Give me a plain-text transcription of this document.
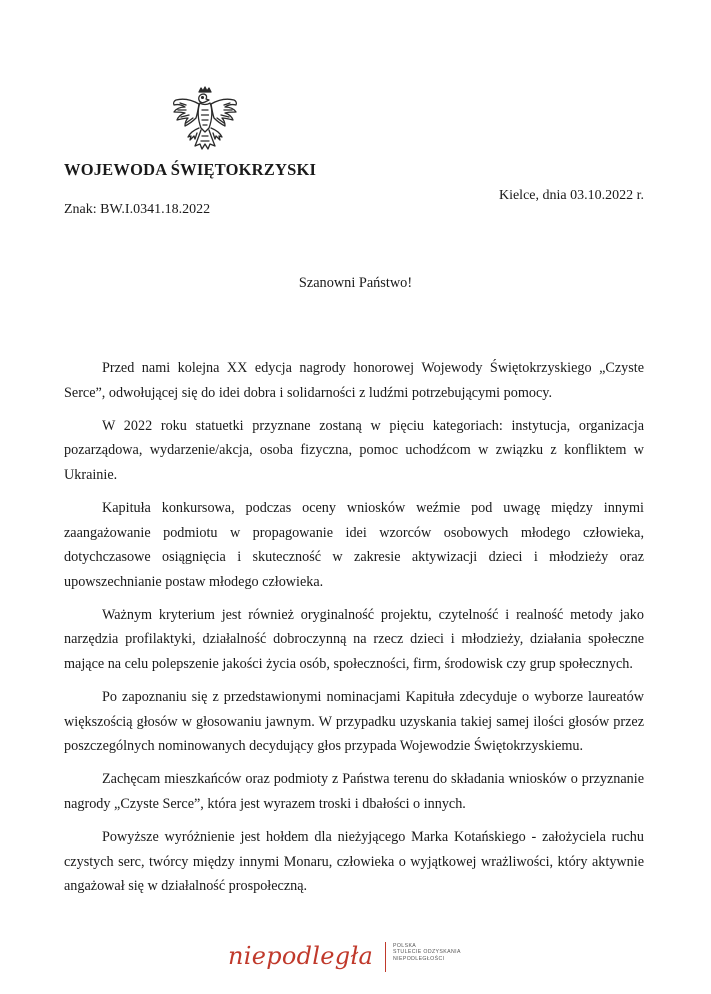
WOJEWODA ŚWIĘTOKRZYSKI
Kielce, dnia 03.10.2022 r.
Znak: BW.I.0341.18.2022
Szanowni Państwo!

Przed nami kolejna XX edycja nagrody honorowej Wojewody Świętokrzyskiego „Czyste Serce”, odwołującej się do idei dobra i solidarności z ludźmi potrzebującymi pomocy.

W 2022 roku statuetki przyznane zostaną w pięciu kategoriach: instytucja, organizacja pozarządowa, wydarzenie/akcja, osoba fizyczna, pomoc uchodźcom w związku z konfliktem w Ukrainie.

Kapituła konkursowa, podczas oceny wniosków weźmie pod uwagę między innymi zaangażowanie podmiotu w propagowanie idei wzorców osobowych młodego człowieka, dotychczasowe osiągnięcia i skuteczność w zakresie aktywizacji dzieci i młodzieży oraz upowszechnianie postaw młodego człowieka.

Ważnym kryterium jest również oryginalność projektu, czytelność i realność metody jako narzędzia profilaktyki, działalność dobroczynną na rzecz dzieci i młodzieży, działania społeczne mające na celu polepszenie jakości życia osób, społeczności, firm, środowisk czy grup społecznych.

Po zapoznaniu się z przedstawionymi nominacjami Kapituła zdecyduje o wyborze laureatów większością głosów w głosowaniu jawnym. W przypadku uzyskania takiej samej ilości głosów przez poszczególnych nominowanych decydujący głos przypada Wojewodzie Świętokrzyskiemu.

Zachęcam mieszkańców oraz podmioty z Państwa terenu do składania wniosków o przyznanie nagrody „Czyste Serce”, która jest wyrazem troski i dbałości o innych.

Powyższe wyróżnienie jest hołdem dla nieżyjącego Marka Kotańskiego - założyciela ruchu czystych serc, twórcy między innymi Monaru, człowieka o wyjątkowej wrażliwości, który aktywnie angażował się w działalność prospołeczną.

niepodległa	POLSKA
STULECIE ODZYSKANIA
NIEPODLEGŁOŚCI
